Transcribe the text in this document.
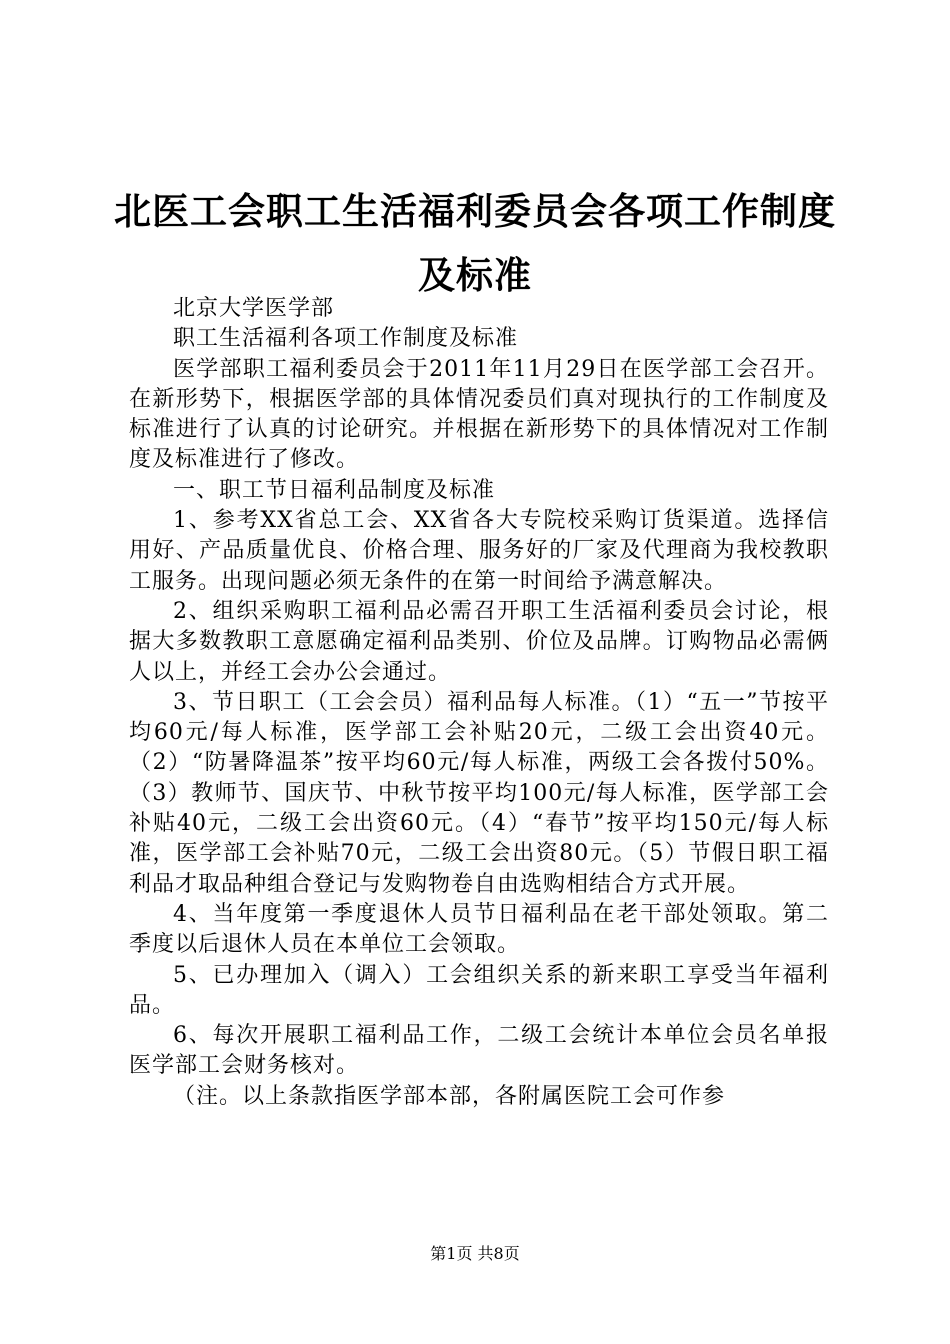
北医工会职工生活福利委员会各项工作制度及标准

北京大学医学部

职工生活福利各项工作制度及标准

医学部职工福利委员会于2011年11月29日在医学部工会召开。在新形势下，根据医学部的具体情况委员们真对现执行的工作制度及标准进行了认真的讨论研究。并根据在新形势下的具体情况对工作制度及标准进行了修改。

一、职工节日福利品制度及标准

1、参考XX省总工会、XX省各大专院校采购订货渠道。选择信用好、产品质量优良、价格合理、服务好的厂家及代理商为我校教职工服务。出现问题必须无条件的在第一时间给予满意解决。

2、组织采购职工福利品必需召开职工生活福利委员会讨论，根据大多数教职工意愿确定福利品类别、价位及品牌。订购物品必需俩人以上，并经工会办公会通过。

3、节日职工（工会会员）福利品每人标准。（1）“五一”节按平均60元/每人标准，医学部工会补贴20元，二级工会出资40元。（2）“防暑降温茶”按平均60元/每人标准，两级工会各拨付50%。（3）教师节、国庆节、中秋节按平均100元/每人标准，医学部工会补贴40元，二级工会出资60元。（4）“春节”按平均150元/每人标准，医学部工会补贴70元，二级工会出资80元。（5）节假日职工福利品才取品种组合登记与发购物卷自由选购相结合方式开展。

4、当年度第一季度退休人员节日福利品在老干部处领取。第二季度以后退休人员在本单位工会领取。

5、已办理加入（调入）工会组织关系的新来职工享受当年福利品。

6、每次开展职工福利品工作，二级工会统计本单位会员名单报医学部工会财务核对。

（注。以上条款指医学部本部，各附属医院工会可作参

第1页 共8页
